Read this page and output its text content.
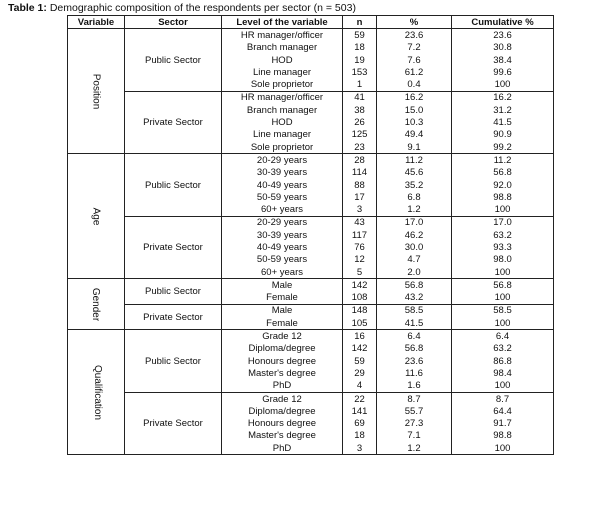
Table 1: Demographic composition of the respondents per sector (n = 503)
Variable	Sector	Level of the variable	n	%	Cumulative %
Position	Public Sector	HR manager/officer	59	23.6	23.6
		Branch manager	18	7.2	30.8
		HOD	19	7.6	38.4
		Line manager	153	61.2	99.6
		Sole proprietor	1	0.4	100
	Private Sector	HR manager/officer	41	16.2	16.2
		Branch manager	38	15.0	31.2
		HOD	26	10.3	41.5
		Line manager	125	49.4	90.9
		Sole proprietor	23	9.1	99.2
Age	Public Sector	20-29 years	28	11.2	11.2
		30-39 years	114	45.6	56.8
		40-49 years	88	35.2	92.0
		50-59 years	17	6.8	98.8
		60+ years	3	1.2	100
	Private Sector	20-29 years	43	17.0	17.0
		30-39 years	117	46.2	63.2
		40-49 years	76	30.0	93.3
		50-59 years	12	4.7	98.0
		60+ years	5	2.0	100
Gender	Public Sector	Male	142	56.8	56.8
		Female	108	43.2	100
	Private Sector	Male	148	58.5	58.5
		Female	105	41.5	100
Qualification	Public Sector	Grade 12	16	6.4	6.4
		Diploma/degree	142	56.8	63.2
		Honours degree	59	23.6	86.8
		Master's degree	29	11.6	98.4
		PhD	4	1.6	100
	Private Sector	Grade 12	22	8.7	8.7
		Diploma/degree	141	55.7	64.4
		Honours degree	69	27.3	91.7
		Master's degree	18	7.1	98.8
		PhD	3	1.2	100
